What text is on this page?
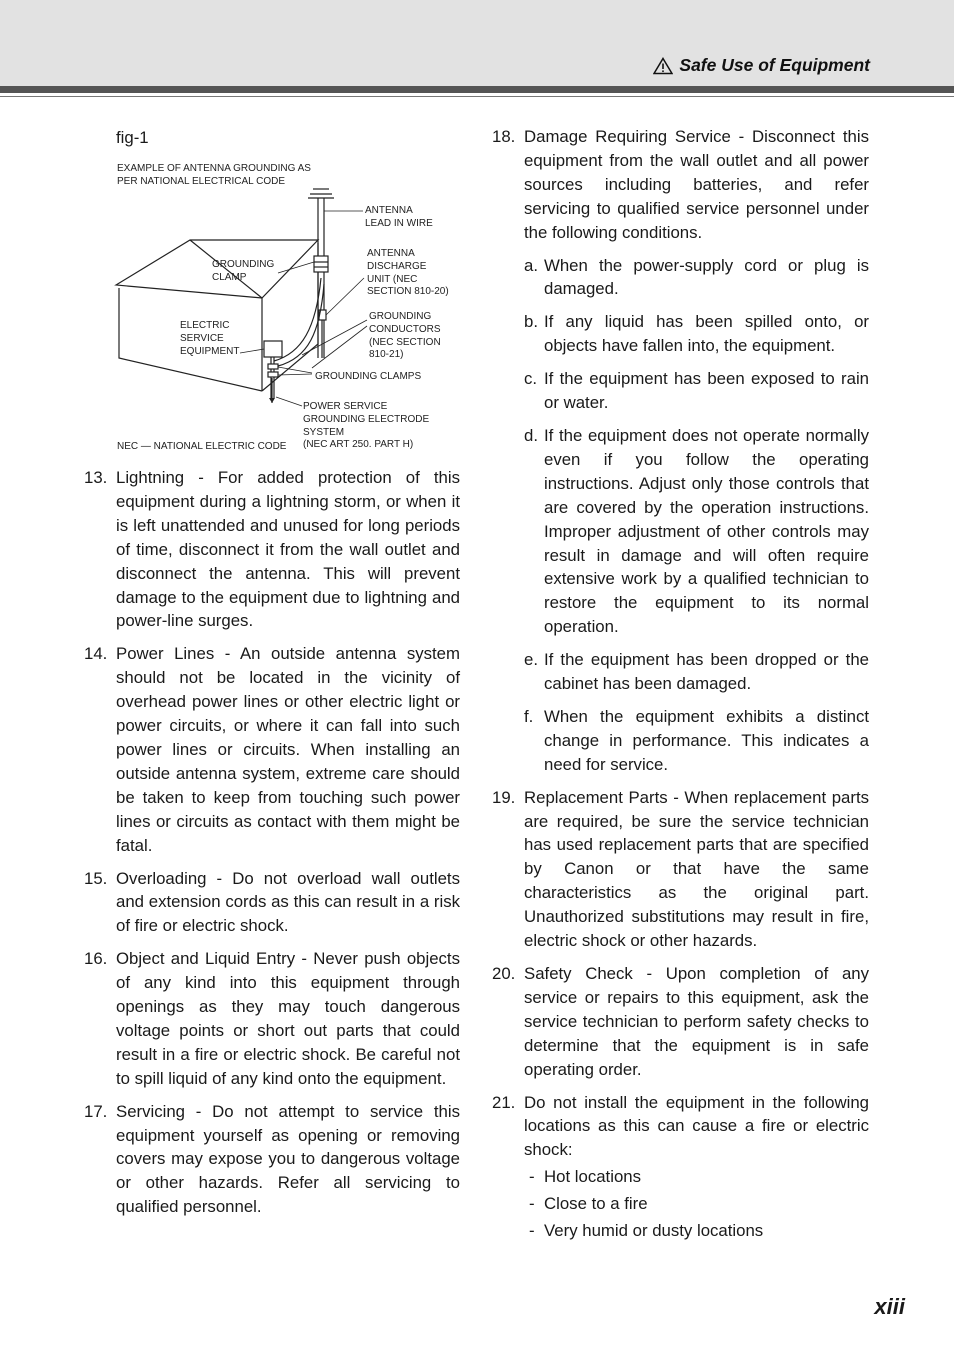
Safe Use of Equipment
fig-1
EXAMPLE OF ANTENNA GROUNDING AS
PER NATIONAL ELECTRICAL CODE
ANTENNA
LEAD IN WIRE
GROUNDING
CLAMP
ANTENNA
DISCHARGE
UNIT (NEC
SECTION 810-20)
ELECTRIC
SERVICE
EQUIPMENT
GROUNDING
CONDUCTORS
(NEC SECTION
810-21)
GROUNDING CLAMPS
POWER SERVICE
GROUNDING ELECTRODE
SYSTEM
(NEC ART 250. PART H)
NEC — NATIONAL ELECTRIC CODE
13. Lightning - For added protection of this equipment during a lightning storm, or when it is left unattended and unused for long periods of time, disconnect it from the wall outlet and disconnect the antenna. This will prevent damage to the equipment due to lightning and power-line surges.
14. Power Lines - An outside antenna system should not be located in the vicinity of overhead power lines or other electric light or power circuits, or where it can fall into such power lines or circuits. When installing an outside antenna system, extreme care should be taken to keep from touching such power lines or circuits as contact with them might be fatal.
15. Overloading - Do not overload wall outlets and extension cords as this can result in a risk of fire or electric shock.
16. Object and Liquid Entry - Never push objects of any kind into this equipment through openings as they may touch dangerous voltage points or short out parts that could result in a fire or electric shock. Be careful not to spill liquid of any kind onto the equipment.
17. Servicing - Do not attempt to service this equipment yourself as opening or removing covers may expose you to dangerous voltage or other hazards. Refer all servicing to qualified personnel.
18. Damage Requiring Service - Disconnect this equipment from the wall outlet and all power sources including batteries, and refer servicing to qualified service personnel under the following conditions.
a. When the power-supply cord or plug is damaged.
b. If any liquid has been spilled onto, or objects have fallen into, the equipment.
c. If the equipment has been exposed to rain or water.
d. If the equipment does not operate normally even if you follow the operating instructions. Adjust only those controls that are covered by the operation instructions. Improper adjustment of other controls may result in damage and will often require extensive work by a qualified technician to restore the equipment to its normal operation.
e. If the equipment has been dropped or the cabinet has been damaged.
f. When the equipment exhibits a distinct change in performance. This indicates a need for service.
19. Replacement Parts - When replacement parts are required, be sure the service technician has used replacement parts that are specified by Canon or that have the same characteristics as the original part. Unauthorized substitutions may result in fire, electric shock or other hazards.
20. Safety Check - Upon completion of any service or repairs to this equipment, ask the service technician to perform safety checks to determine that the equipment is in safe operating order.
21. Do not install the equipment in the following locations as this can cause a fire or electric shock:
- Hot locations
- Close to a fire
- Very humid or dusty locations
xiii
